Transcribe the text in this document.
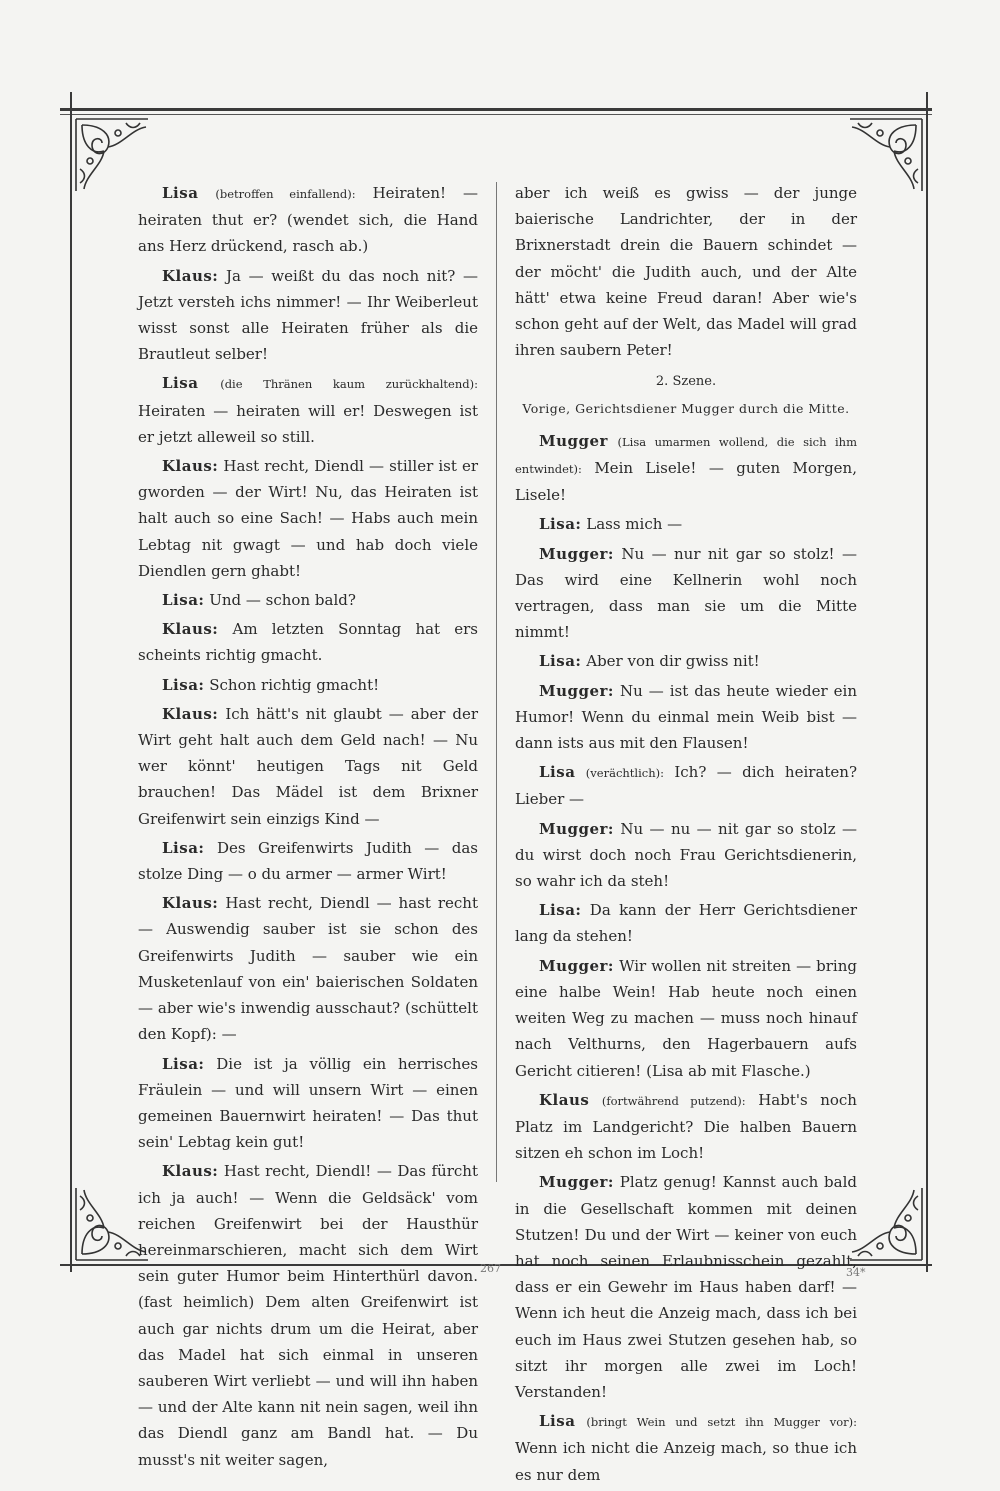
Lisa (betroffen einfallend): Heiraten! — heiraten thut er? (wendet sich, die Hand ans Herz drückend, rasch ab.)

Klaus: Ja — weißt du das noch nit? — Jetzt versteh ichs nimmer! — Ihr Weiberleut wisst sonst alle Heiraten früher als die Brautleut selber!

Lisa (die Thränen kaum zurückhaltend): Heiraten — heiraten will er! Deswegen ist er jetzt alleweil so still.

Klaus: Hast recht, Diendl — stiller ist er gworden — der Wirt! Nu, das Heiraten ist halt auch so eine Sach! — Habs auch mein Lebtag nit gwagt — und hab doch viele Diendlen gern ghabt!

Lisa: Und — schon bald?

Klaus: Am letzten Sonntag hat ers scheints richtig gmacht.

Lisa: Schon richtig gmacht!

Klaus: Ich hätt's nit glaubt — aber der Wirt geht halt auch dem Geld nach! — Nu wer könnt' heutigen Tags nit Geld brauchen! Das Mädel ist dem Brixner Greifenwirt sein einzigs Kind —

Lisa: Des Greifenwirts Judith — das stolze Ding — o du armer — armer Wirt!

Klaus: Hast recht, Diendl — hast recht — Auswendig sauber ist sie schon des Greifenwirts Judith — sauber wie ein Musketenlauf von ein' baierischen Soldaten — aber wie's inwendig ausschaut? (schüttelt den Kopf): —

Lisa: Die ist ja völlig ein herrisches Fräulein — und will unsern Wirt — einen gemeinen Bauernwirt heiraten! — Das thut sein' Lebtag kein gut!

Klaus: Hast recht, Diendl! — Das fürcht ich ja auch! — Wenn die Geldsäck' vom reichen Greifenwirt bei der Hausthür hereinmarschieren, macht sich dem Wirt sein guter Humor beim Hinterthürl davon. (fast heimlich) Dem alten Greifenwirt ist auch gar nichts drum um die Heirat, aber das Madel hat sich einmal in unseren sauberen Wirt verliebt — und will ihn haben — und der Alte kann nit nein sagen, weil ihn das Diendl ganz am Bandl hat. — Du musst's nit weiter sagen,

aber ich weiß es gwiss — der junge baierische Landrichter, der in der Brixnerstadt drein die Bauern schindet — der möcht' die Judith auch, und der Alte hätt' etwa keine Freud daran! Aber wie's schon geht auf der Welt, das Madel will grad ihren saubern Peter!

2. Szene.
Vorige, Gerichtsdiener Mugger durch die Mitte.

Mugger (Lisa umarmen wollend, die sich ihm entwindet): Mein Lisele! — guten Morgen, Lisele!

Lisa: Lass mich —

Mugger: Nu — nur nit gar so stolz! — Das wird eine Kellnerin wohl noch vertragen, dass man sie um die Mitte nimmt!

Lisa: Aber von dir gwiss nit!

Mugger: Nu — ist das heute wieder ein Humor! Wenn du einmal mein Weib bist — dann ists aus mit den Flausen!

Lisa (verächtlich): Ich? — dich heiraten? Lieber —

Mugger: Nu — nu — nit gar so stolz — du wirst doch noch Frau Gerichtsdienerin, so wahr ich da steh!

Lisa: Da kann der Herr Gerichtsdiener lang da stehen!

Mugger: Wir wollen nit streiten — bring eine halbe Wein! Hab heute noch einen weiten Weg zu machen — muss noch hinauf nach Velthurns, den Hagerbauern aufs Gericht citieren! (Lisa ab mit Flasche.)

Klaus (fortwährend putzend): Habt's noch Platz im Landgericht? Die halben Bauern sitzen eh schon im Loch!

Mugger: Platz genug! Kannst auch bald in die Gesellschaft kommen mit deinen Stutzen! Du und der Wirt — keiner von euch hat noch seinen Erlaubnisschein gezahlt, dass er ein Gewehr im Haus haben darf! — Wenn ich heut die Anzeig mach, dass ich bei euch im Haus zwei Stutzen gesehen hab, so sitzt ihr morgen alle zwei im Loch! Verstanden!

Lisa (bringt Wein und setzt ihn Mugger vor): Wenn ich nicht die Anzeig mach, so thue ich es nur dem

267	34*
